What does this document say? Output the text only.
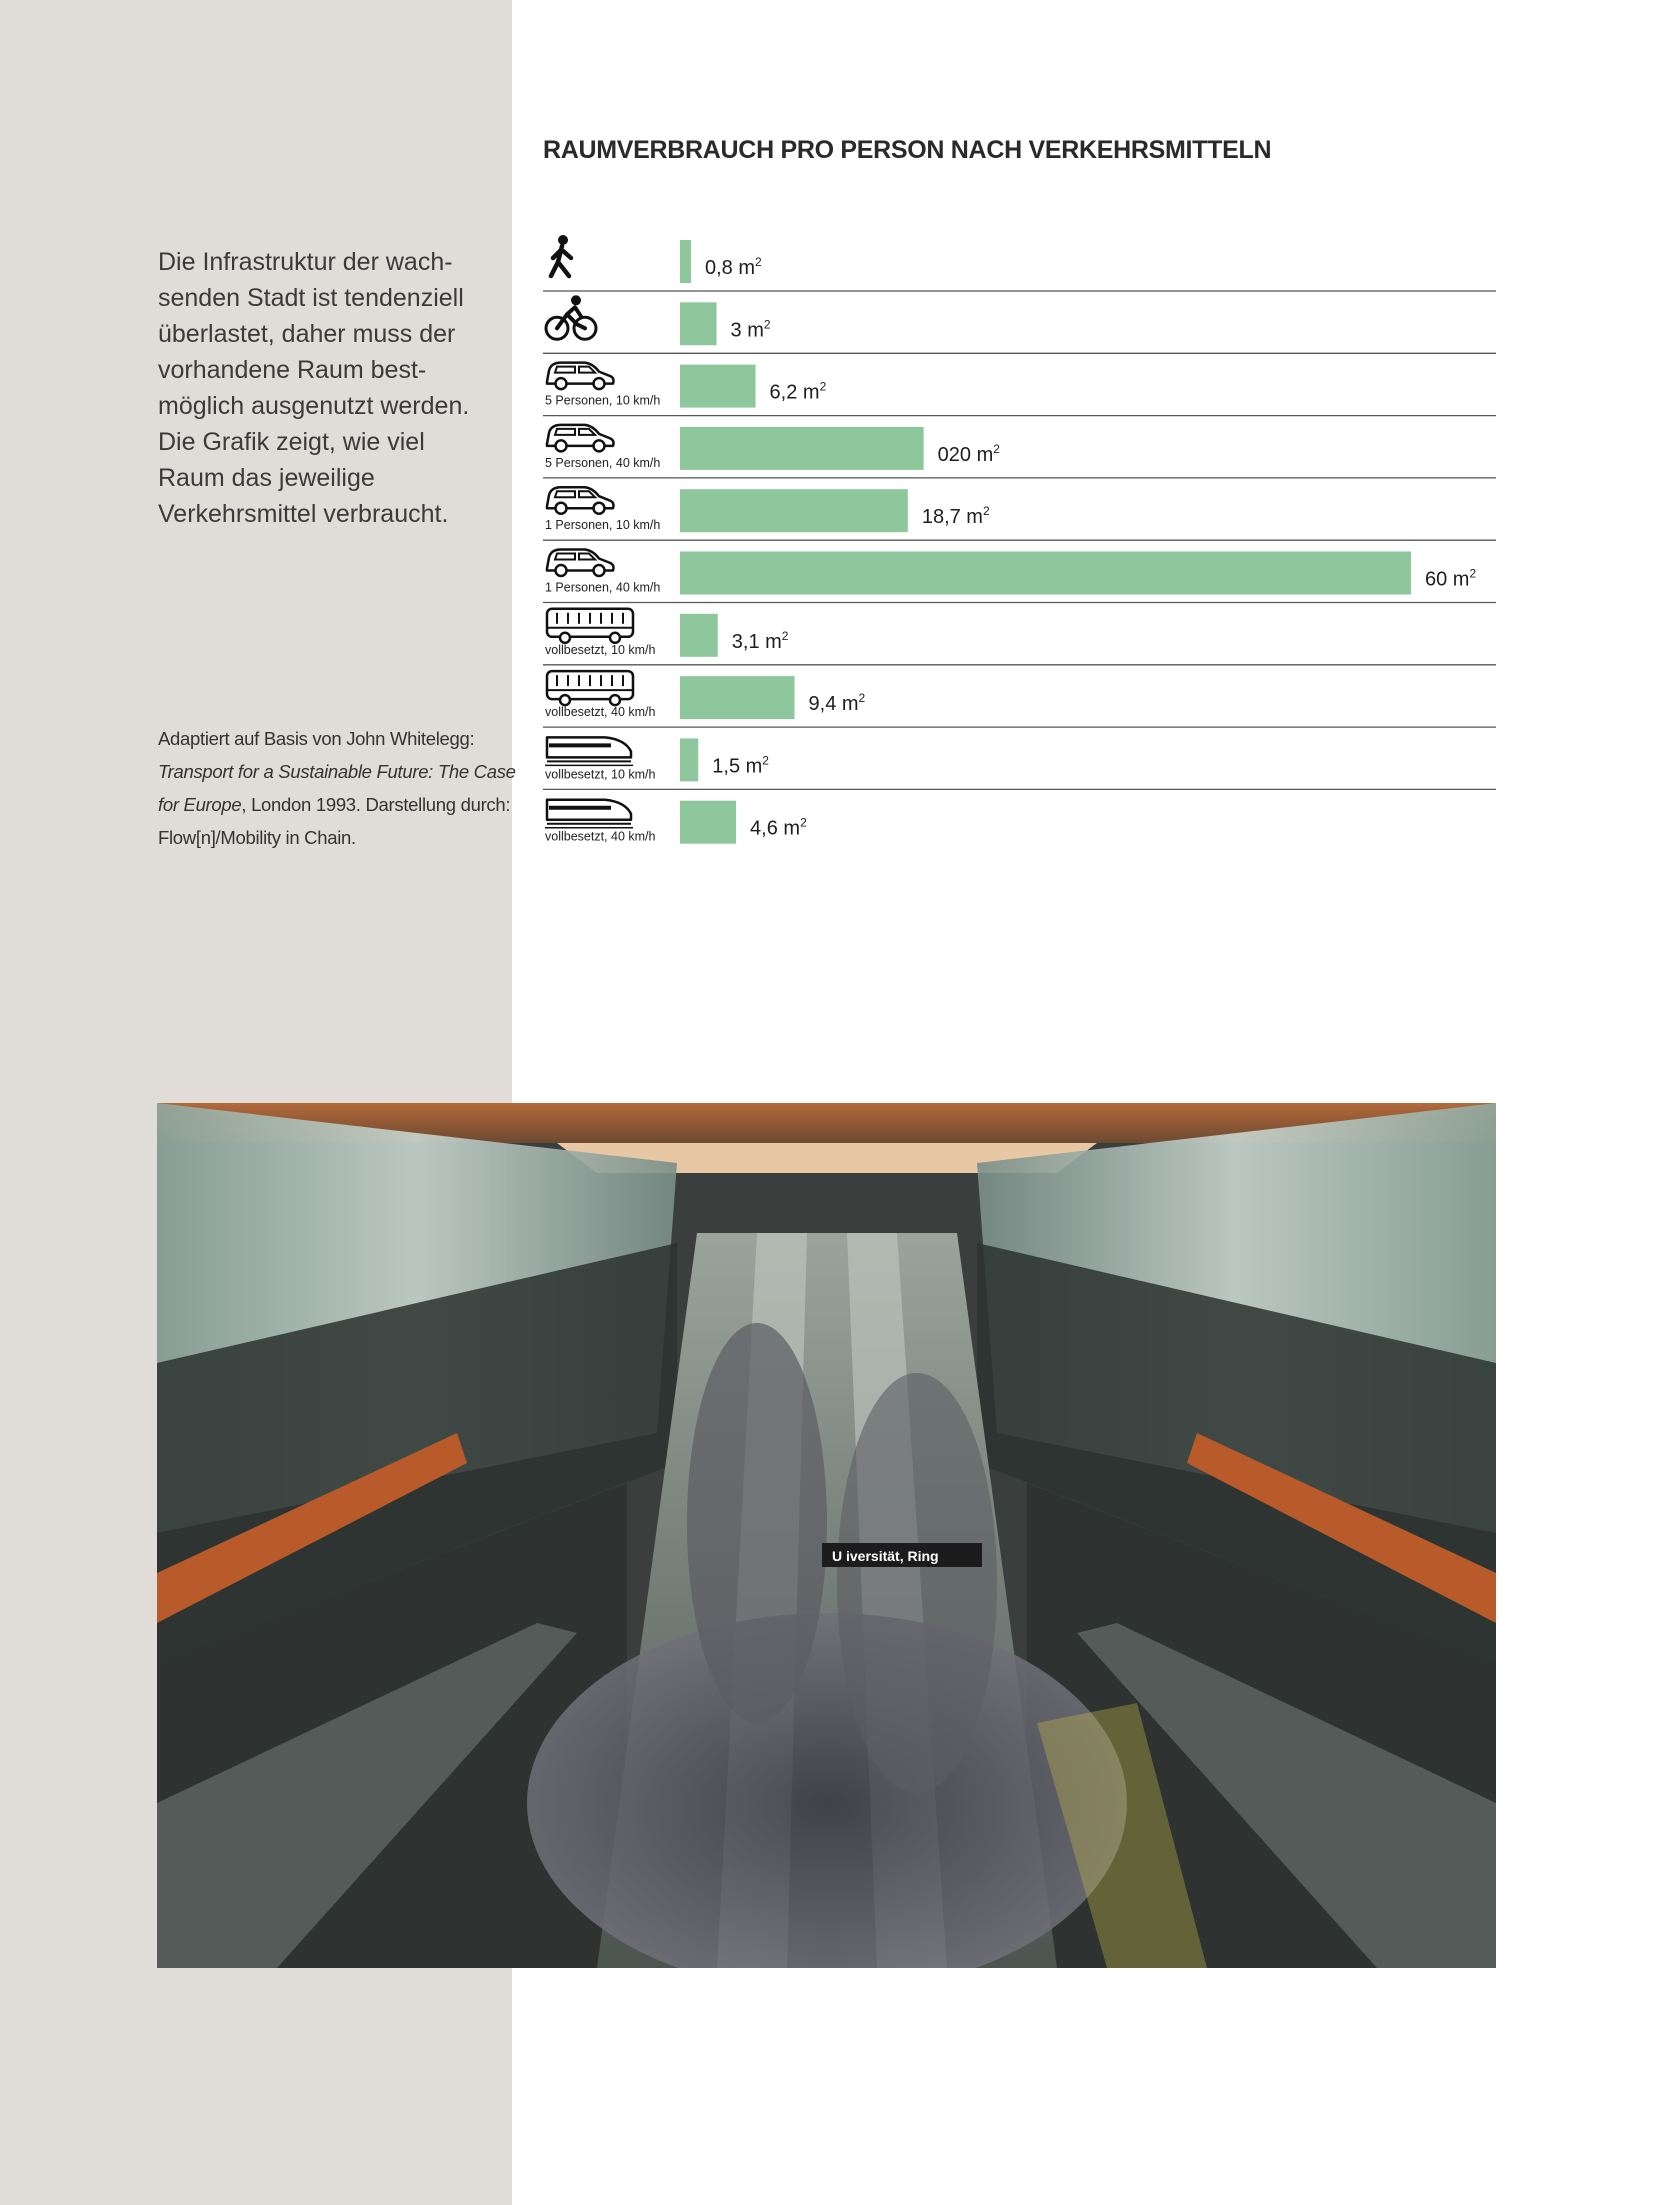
Die Infrastruktur der wach-
senden Stadt ist tendenziell
überlastet, daher muss der
vorhandene Raum best-
möglich ausgenutzt werden.
Die Grafik zeigt, wie viel
Raum das jeweilige
Verkehrsmittel verbraucht.
Adaptiert auf Basis von John Whitelegg:
Transport for a Sustainable Future: The Case
for Europe, London 1993. Darstellung durch:
Flow[n]/Mobility in Chain.
RAUMVERBRAUCH PRO PERSON NACH VERKEHRSMITTELN
0,8 $m^2$
3 $m^2$
5 Personen, 10 km/h	6,2 $m^2$
5 Personen, 40 km/h	020 $m^2$
1 Personen, 10 km/h	18,7 $m^2$
1 Personen, 40 km/h	60 $m^2$
vollbesetzt, 10 km/h	3,1 $m^2$
vollbesetzt, 40 km/h	9,4 $m^2$
vollbesetzt, 10 km/h	1,5 $m^2$
vollbesetzt, 40 km/h	4,6 $m^2$
U iversität, Ring
